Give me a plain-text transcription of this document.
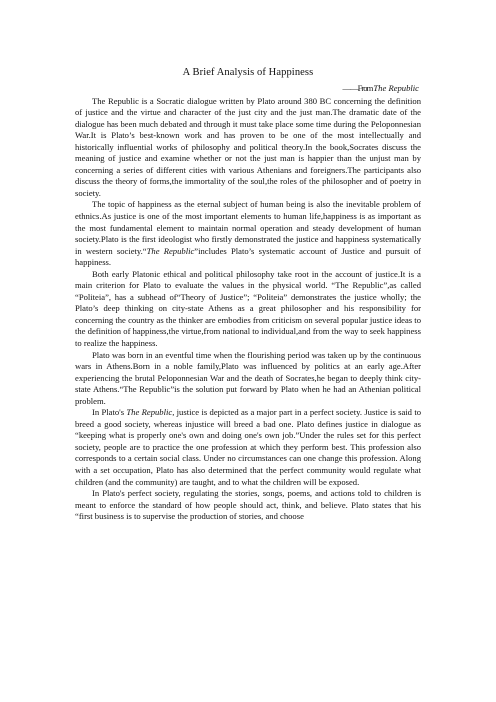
A Brief Analysis of Happiness
——From The Republic

The Republic is a Socratic dialogue written by Plato around 380 BC concerning the definition of justice and the virtue and character of the just city and the just man.The dramatic date of the dialogue has been much debated and through it must take place some time during the Peloponnesian War.It is Plato’s best-known work and has proven to be one of the most intellectually and historically influential works of philosophy and political theory.In the book,Socrates discuss the meaning of justice and examine whether or not the just man is happier than the unjust man by concerning a series of different cities with various Athenians and foreigners.The participants also discuss the theory of forms,the immortality of the soul,the roles of the philosopher and of poetry in society.

The topic of happiness as the eternal subject of human being is also the inevitable problem of ethnics.As justice is one of the most important elements to human life,happiness is as important as the most fundamental element to maintain normal operation and steady development of human society.Plato is the first ideologist who firstly demonstrated the justice and happiness systematically in western society.“The Republic”includes Plato’s systematic account of Justice and pursuit of happiness.

Both early Platonic ethical and political philosophy take root in the account of justice.It is a main criterion for Plato to evaluate the values in the physical world. “The Republic”,as called “Politeia”, has a subhead of“Theory of Justice”; “Politeia” demonstrates the justice wholly; the Plato’s deep thinking on city-state Athens as a great philosopher and his responsibility for concerning the country as the thinker are embodies from criticism on several popular justice ideas to the definition of happiness,the virtue,from national to individual,and from the way to seek happiness to realize the happiness.

Plato was born in an eventful time when the flourishing period was taken up by the continuous wars in Athens.Born in a noble family,Plato was influenced by politics at an early age.After experiencing the brutal Peloponnesian War and the death of Socrates,he began to deeply think city-state Athens.“The Republic”is the solution put forward by Plato when he had an Athenian political problem.

In Plato's The Republic, justice is depicted as a major part in a perfect society. Justice is said to breed a good society, whereas injustice will breed a bad one. Plato defines justice in dialogue as “keeping what is properly one's own and doing one's own job.”Under the rules set for this perfect society, people are to practice the one profession at which they perform best. This profession also corresponds to a certain social class. Under no circumstances can one change this profession. Along with a set occupation, Plato has also determined that the perfect community would regulate what children (and the community) are taught, and to what the children will be exposed.

In Plato's perfect society, regulating the stories, songs, poems, and actions told to children is meant to enforce the standard of how people should act, think, and believe. Plato states that his “first business is to supervise the production of stories, and choose
